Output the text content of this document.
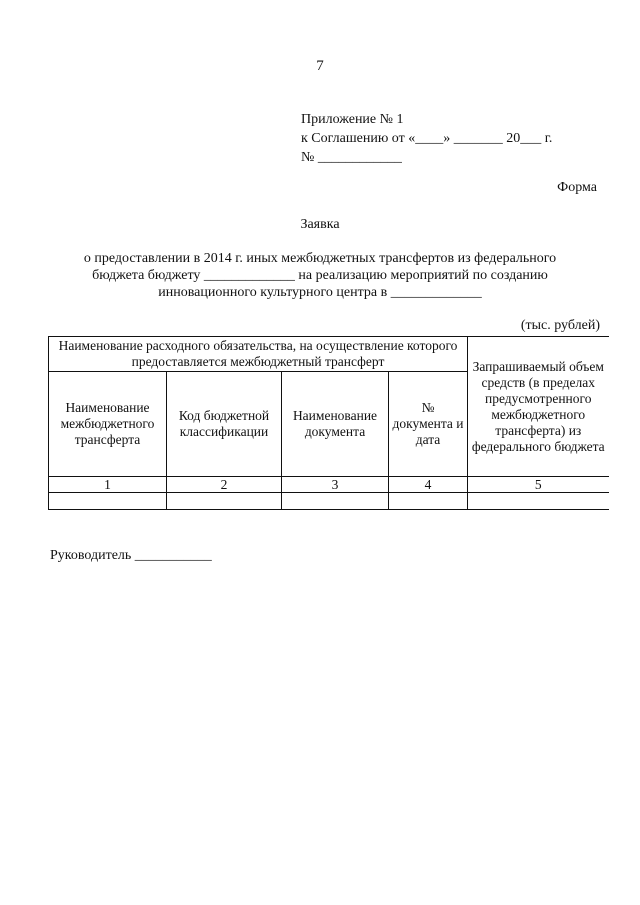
7
Приложение № 1
к Соглашению от «____» _______ 20___ г.
№ ____________
Форма
Заявка
о предоставлении в 2014 г. иных межбюджетных трансфертов из федерального
бюджета бюджету _____________ на реализацию мероприятий по созданию
инновационного культурного центра в _____________
(тыс. рублей)
Наименование расходного обязательства, на осуществление которого предоставляется межбюджетный трансферт				Запрашиваемый объем средств (в пределах предусмотренного межбюджетного трансферта) из федерального бюджета
Наименование межбюджетного трансферта	Код бюджетной классификации	Наименование документа	№ документа и дата	
1	2	3	4	5

Руководитель ___________
